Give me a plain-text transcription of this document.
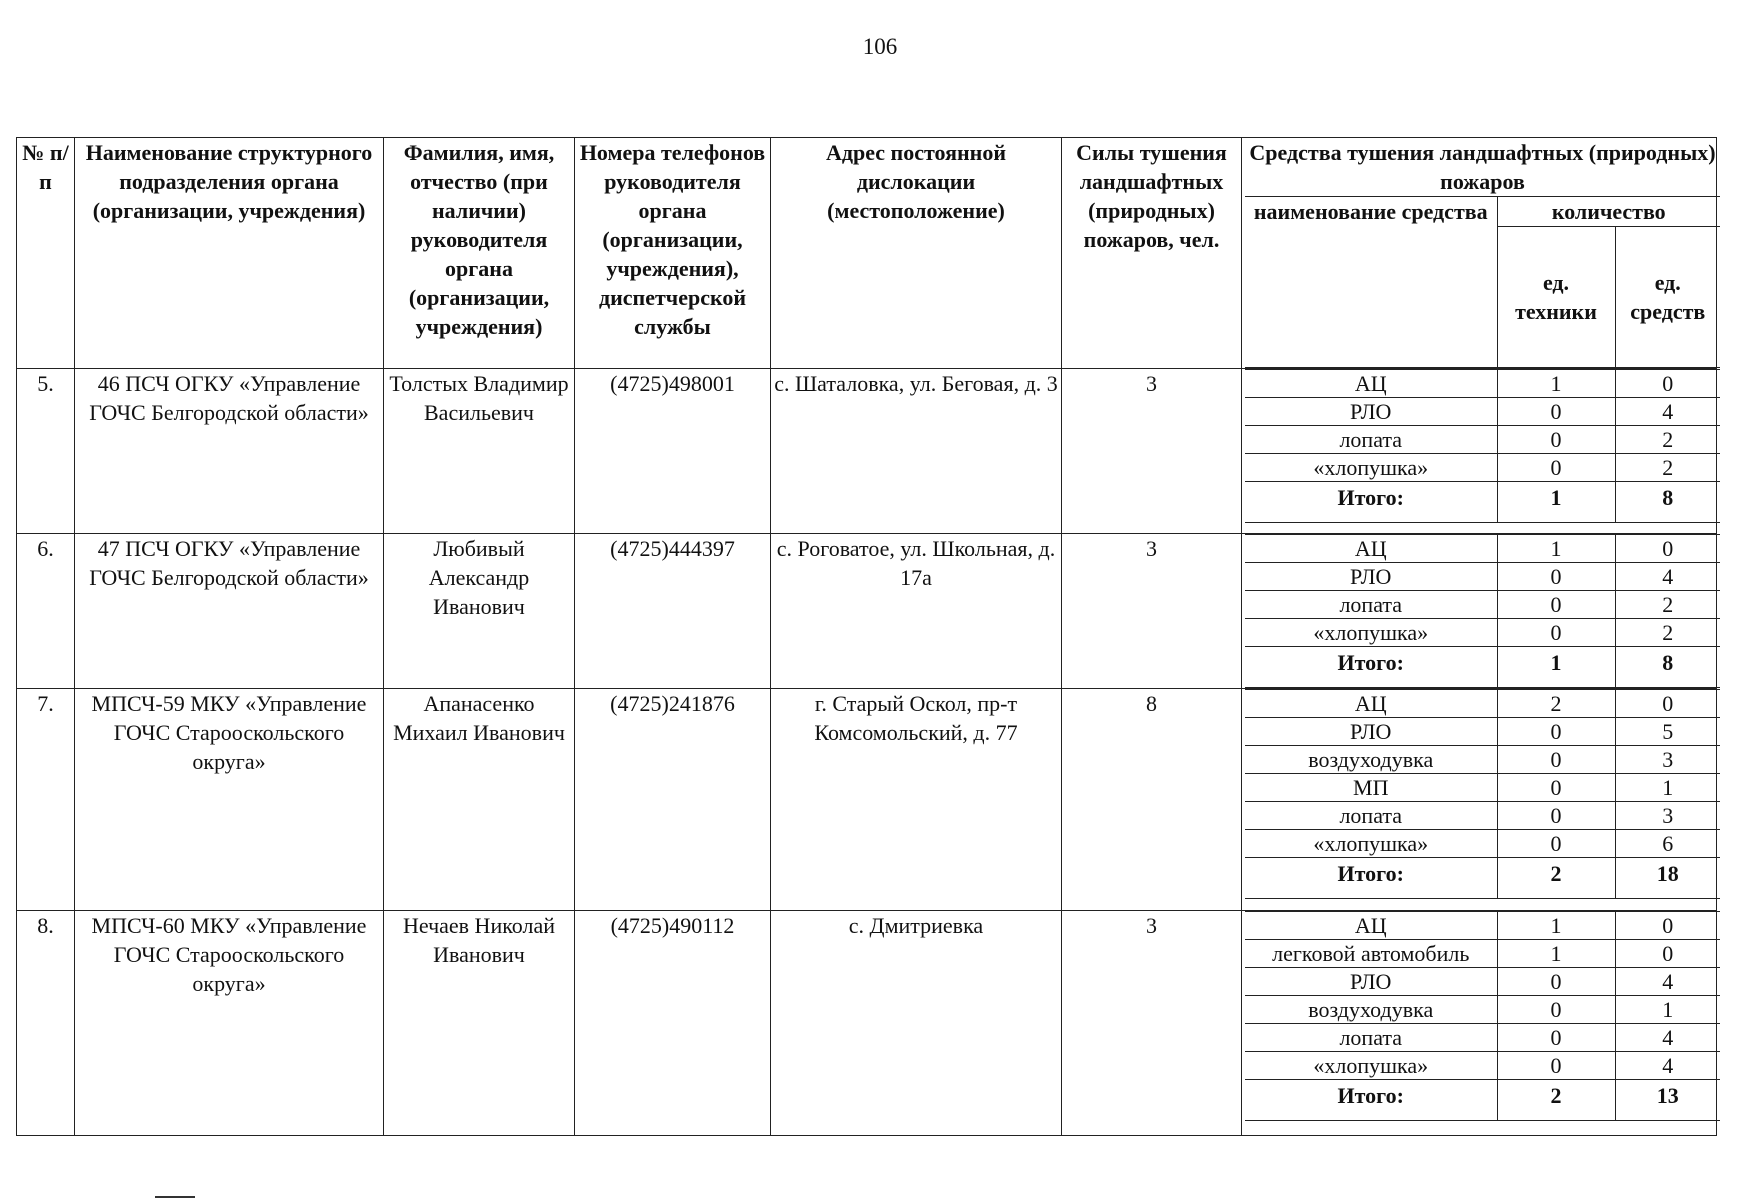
106
№ п/п	Наименование структурного подразделения органа (организации, учреждения)	Фамилия, имя, отчество (при наличии) руководителя органа (организации, учреждения)	Номера телефонов руководителя органа (организации, учреждения), диспетчерской службы	Адрес постоянной дислокации (местоположение)	Силы тушения ландшафтных (природных) пожаров, чел.	
Средства тушения ландшафтных (природных) пожаров
наименование средства	количество
ед. техники	ед. средств

5.	46 ПСЧ ОГКУ «Управление ГОЧС Белгородской области»	Толстых Владимир Васильевич	(4725)498001	с. Шаталовка, ул. Беговая, д. 3	3		АЦ	1	0
РЛО	0	4
лопата	0	2
«хлопушка»	0	2
Итого:	1	8

6.	47 ПСЧ ОГКУ «Управление ГОЧС Белгородской области»	Любивый Александр Иванович	(4725)444397	с. Роговатое, ул. Школьная, д. 17а	3		АЦ	1	0
РЛО	0	4
лопата	0	2
«хлопушка»	0	2
Итого:	1	8

7.	МПСЧ-59 МКУ «Управление ГОЧС Старооскольского округа»	Апанасенко Михаил Иванович	(4725)241876	г. Старый Оскол, пр-т Комсомольский, д. 77	8		АЦ	2	0
РЛО	0	5
воздуходувка	0	3
МП	0	1
лопата	0	3
«хлопушка»	0	6
Итого:	2	18

8.	МПСЧ-60 МКУ «Управление ГОЧС Старооскольского округа»	Нечаев Николай Иванович	(4725)490112	с. Дмитриевка	3		АЦ	1	0
легковой автомобиль	1	0
РЛО	0	4
воздуходувка	0	1
лопата	0	4
«хлопушка»	0	4
Итого:	2	13
